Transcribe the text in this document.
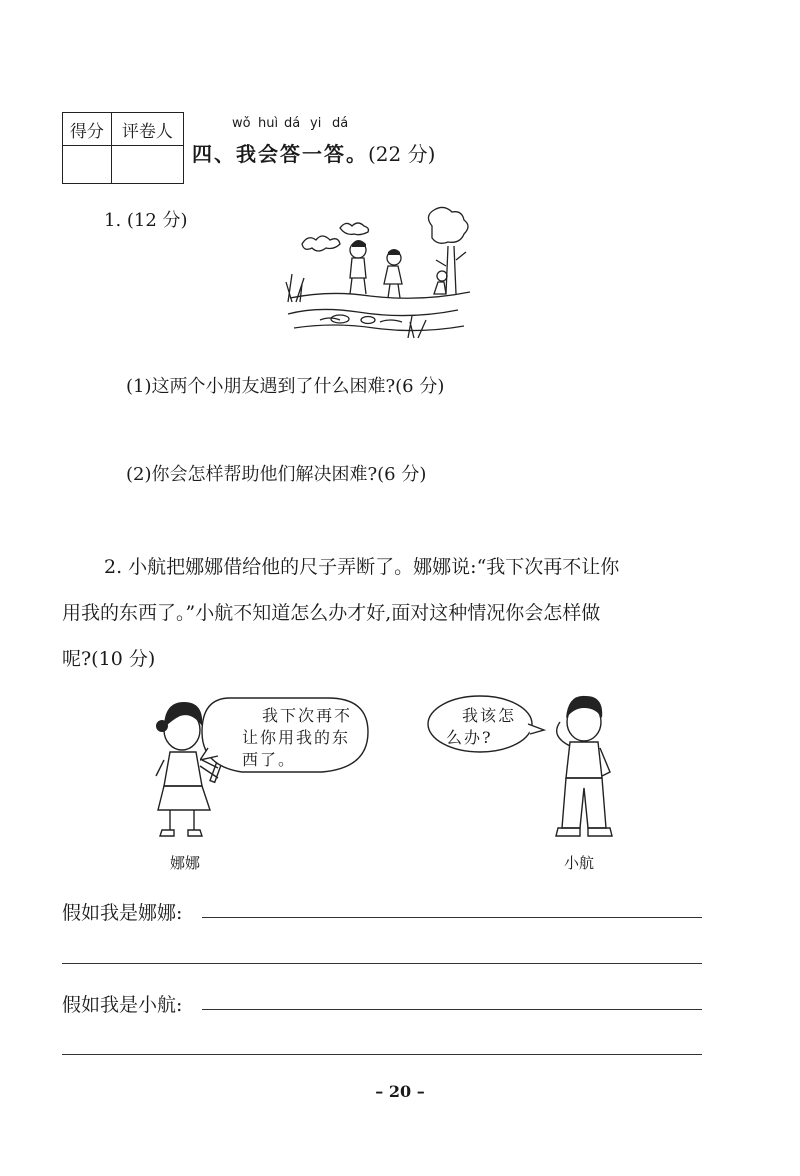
得分	评卷人
		wǒ huì dá yi dá
四、我会答一答。(22 分)
1. (12 分)
(1)这两个小朋友遇到了什么困难?(6 分)
(2)你会怎样帮助他们解决困难?(6 分)
2. 小航把娜娜借给他的尺子弄断了。娜娜说:“我下次再不让你
用我的东西了。”小航不知道怎么办才好,面对这种情况你会怎样做
呢?(10 分)
我下次再不
让你用我的东
西了。
我该怎
么办?
娜娜	小航
假如我是娜娜:
假如我是小航:
– 20 –
